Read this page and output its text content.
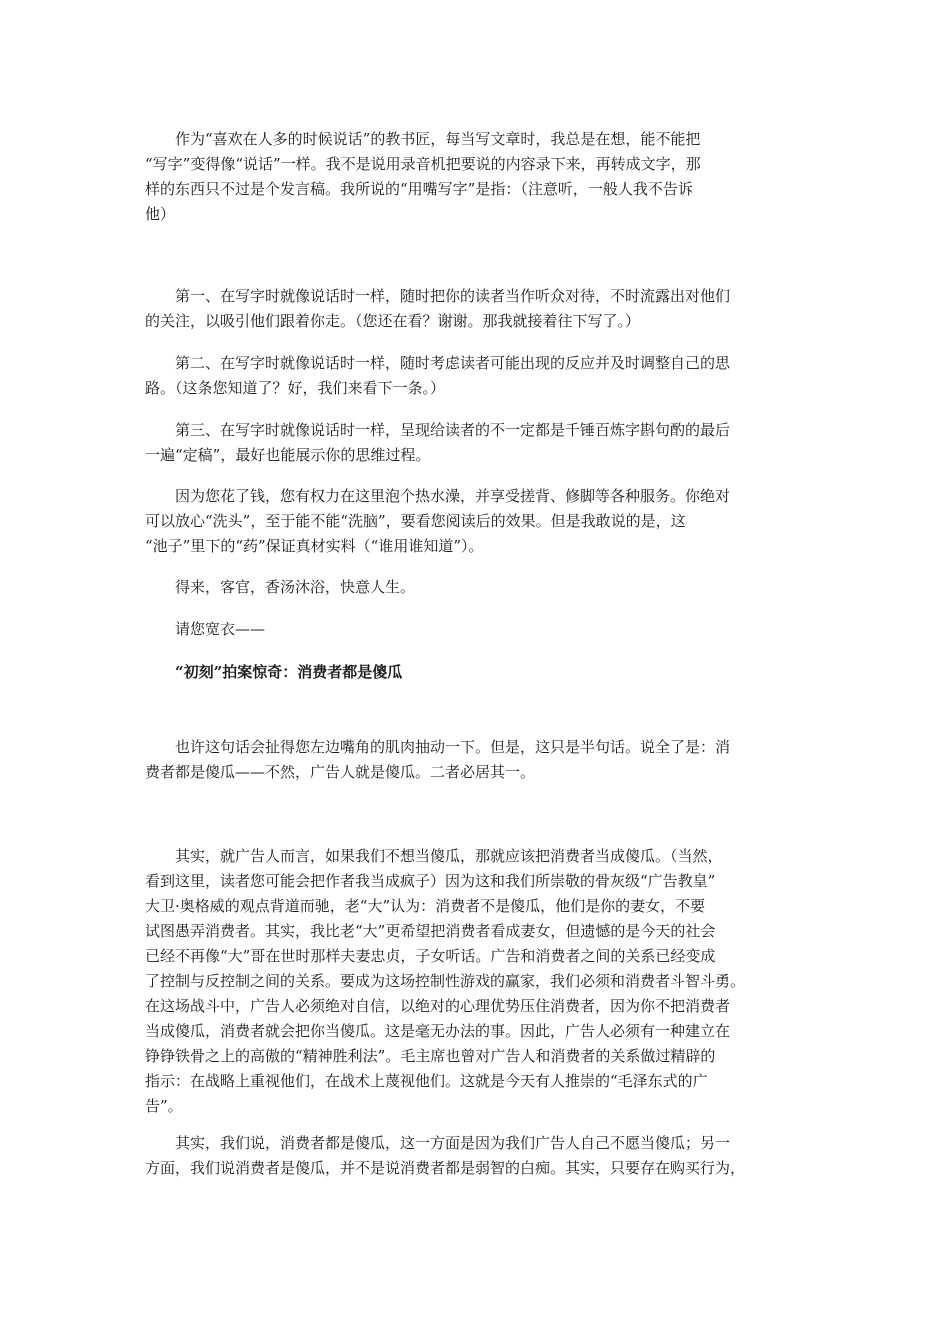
　　作为“喜欢在人多的时候说话”的教书匠，每当写文章时，我总是在想，能不能把
“写字”变得像“说话”一样。我不是说用录音机把要说的内容录下来，再转成文字，那
样的东西只不过是个发言稿。我所说的“用嘴写字”是指：（注意听，一般人我不告诉
他）

　　第一、在写字时就像说话时一样，随时把你的读者当作听众对待，不时流露出对他们
的关注，以吸引他们跟着你走。（您还在看？谢谢。那我就接着往下写了。）

　　第二、在写字时就像说话时一样，随时考虑读者可能出现的反应并及时调整自己的思
路。（这条您知道了？好，我们来看下一条。）

　　第三、在写字时就像说话时一样，呈现给读者的不一定都是千锤百炼字斟句酌的最后
一遍“定稿”，最好也能展示你的思维过程。

　　因为您花了钱，您有权力在这里泡个热水澡，并享受搓背、修脚等各种服务。你绝对
可以放心“洗头”，至于能不能“洗脑”，要看您阅读后的效果。但是我敢说的是，这
“池子”里下的“药”保证真材实料（“谁用谁知道”）。

　　得来，客官，香汤沐浴，快意人生。

　　请您宽衣——

　　“初刻”拍案惊奇：消费者都是傻瓜

　　也许这句话会扯得您左边嘴角的肌肉抽动一下。但是，这只是半句话。说全了是：消
费者都是傻瓜——不然，广告人就是傻瓜。二者必居其一。

　　其实，就广告人而言，如果我们不想当傻瓜，那就应该把消费者当成傻瓜。（当然，
看到这里，读者您可能会把作者我当成疯子）因为这和我们所崇敬的骨灰级“广告教皇”
大卫·奥格威的观点背道而驰，老“大”认为：消费者不是傻瓜，他们是你的妻女，不要
试图愚弄消费者。其实，我比老“大”更希望把消费者看成妻女，但遗憾的是今天的社会
已经不再像“大”哥在世时那样夫妻忠贞，子女听话。广告和消费者之间的关系已经变成
了控制与反控制之间的关系。要成为这场控制性游戏的赢家，我们必须和消费者斗智斗勇。
在这场战斗中，广告人必须绝对自信，以绝对的心理优势压住消费者，因为你不把消费者
当成傻瓜，消费者就会把你当傻瓜。这是毫无办法的事。因此，广告人必须有一种建立在
铮铮铁骨之上的高傲的“精神胜利法”。毛主席也曾对广告人和消费者的关系做过精辟的
指示：在战略上重视他们，在战术上蔑视他们。这就是今天有人推崇的“毛泽东式的广
告”。

　　其实，我们说，消费者都是傻瓜，这一方面是因为我们广告人自己不愿当傻瓜；另一
方面，我们说消费者是傻瓜，并不是说消费者都是弱智的白痴。其实，只要存在购买行为，
